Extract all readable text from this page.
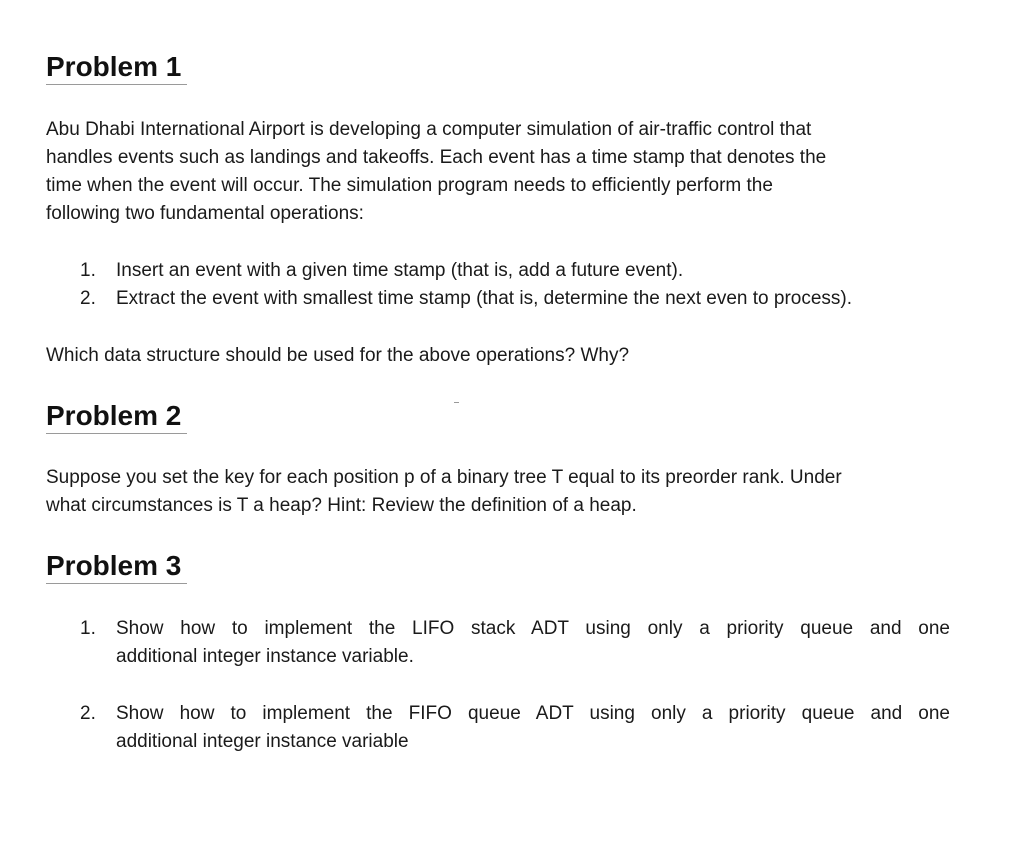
Problem 1
Abu Dhabi International Airport is developing a computer simulation of air-traffic control that
handles events such as landings and takeoffs. Each event has a time stamp that denotes the
time when the event will occur. The simulation program needs to efficiently perform the
following two fundamental operations:
1. Insert an event with a given time stamp (that is, add a future event).
2. Extract the event with smallest time stamp (that is, determine the next even to process).

Which data structure should be used for the above operations? Why?

Problem 2
Suppose you set the key for each position p of a binary tree T equal to its preorder rank. Under
what circumstances is T a heap? Hint: Review the definition of a heap.
Problem 3
1. Show how to implement the LIFO stack ADT using only a priority queue and one
additional integer instance variable.
2. Show how to implement the FIFO queue ADT using only a priority queue and one
additional integer instance variable
